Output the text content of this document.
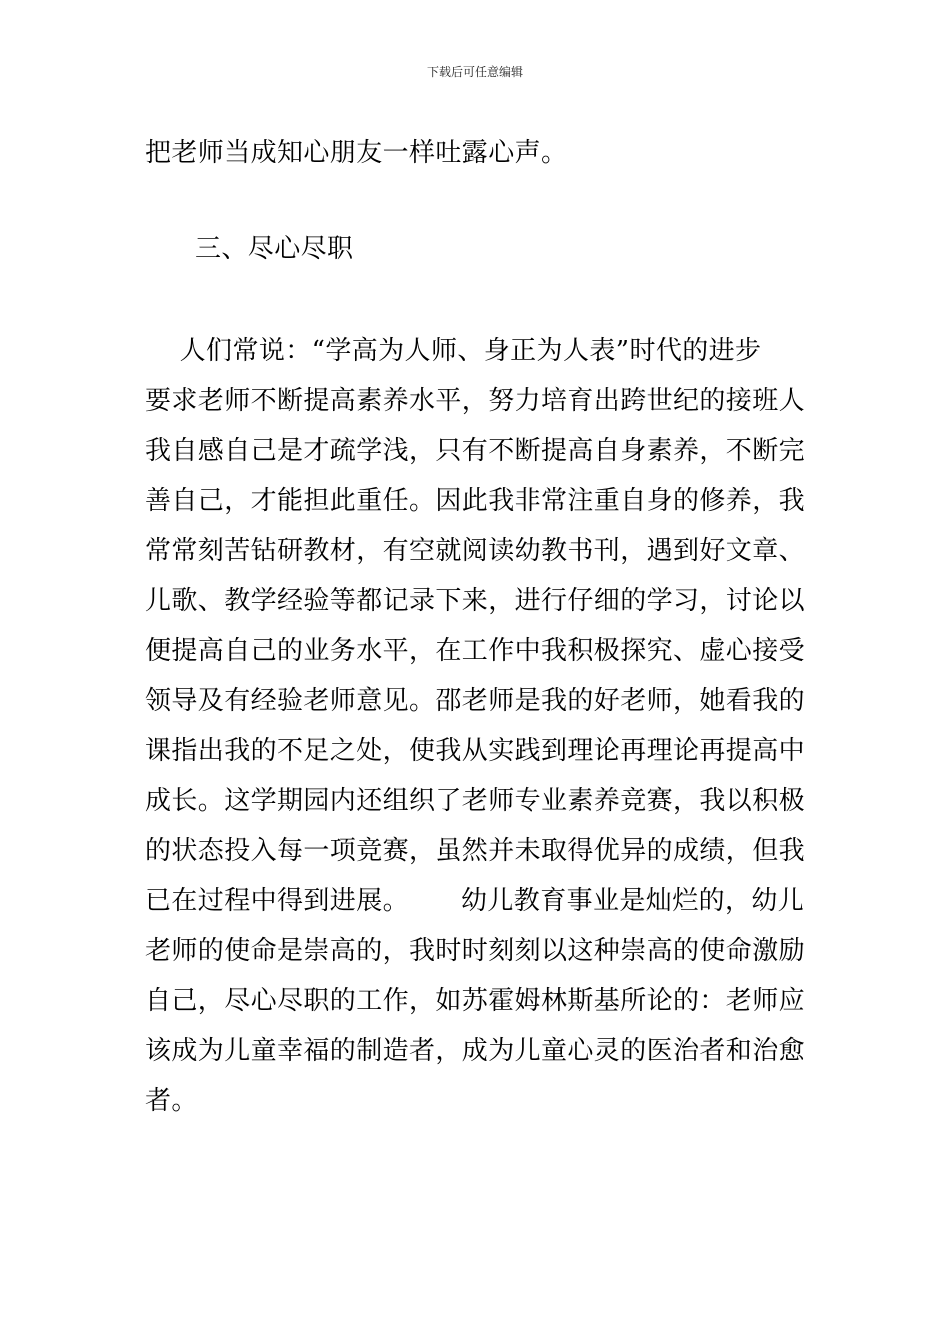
下载后可任意编辑
把老师当成知心朋友一样吐露心声。
三、尽心尽职
人们常说：“学高为人师、身正为人表”时代的进步
要求老师不断提高素养水平，努力培育出跨世纪的接班人
我自感自己是才疏学浅，只有不断提高自身素养，不断完
善自己，才能担此重任。因此我非常注重自身的修养，我
常常刻苦钻研教材，有空就阅读幼教书刊，遇到好文章、
儿歌、教学经验等都记录下来，进行仔细的学习，讨论以
便提高自己的业务水平，在工作中我积极探究、虚心接受
领导及有经验老师意见。邵老师是我的好老师，她看我的
课指出我的不足之处，使我从实践到理论再理论再提高中
成长。这学期园内还组织了老师专业素养竞赛，我以积极
的状态投入每一项竞赛，虽然并未取得优异的成绩，但我
已在过程中得到进展。      幼儿教育事业是灿烂的，幼儿
老师的使命是崇高的，我时时刻刻以这种崇高的使命激励
自己，尽心尽职的工作，如苏霍姆林斯基所论的：老师应
该成为儿童幸福的制造者，成为儿童心灵的医治者和治愈
者。
